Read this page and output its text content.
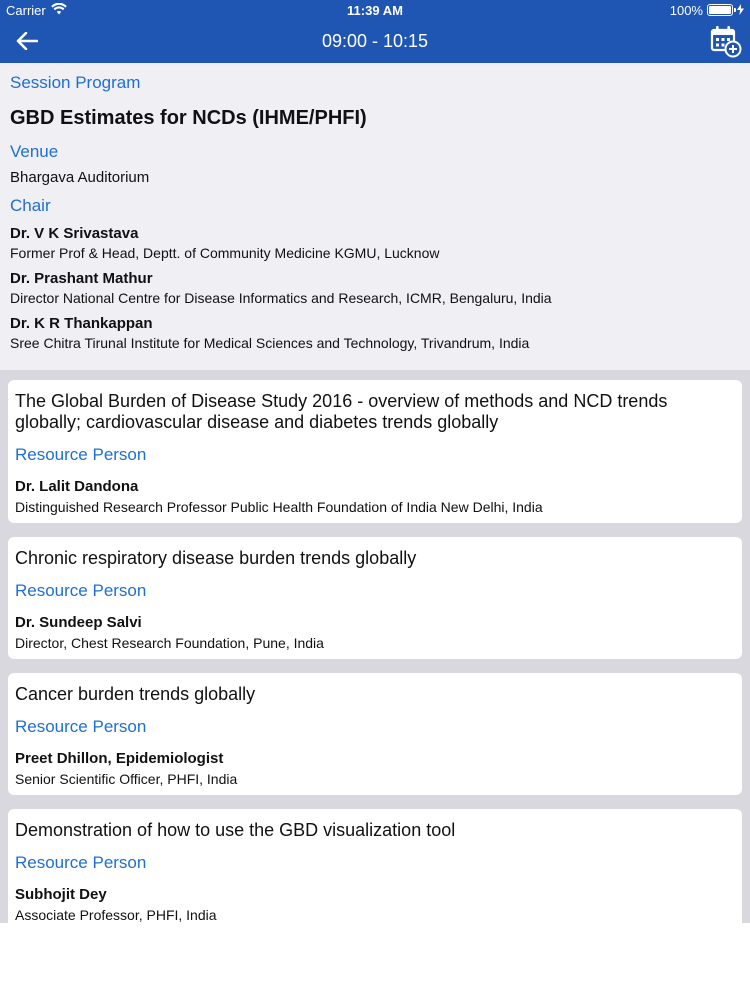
Carrier	11:39 AM	100%
09:00 - 10:15
Session Program
GBD Estimates for NCDs (IHME/PHFI)
Venue
Bhargava Auditorium
Chair
Dr. V K Srivastava
Former Prof & Head, Deptt. of Community Medicine KGMU, Lucknow
Dr. Prashant Mathur
Director National Centre for Disease Informatics and Research, ICMR, Bengaluru, India
Dr. K R Thankappan
Sree Chitra Tirunal Institute for Medical Sciences and Technology, Trivandrum, India
The Global Burden of Disease Study 2016 - overview of methods and NCD trends globally; cardiovascular disease and diabetes trends globally
Resource Person
Dr. Lalit Dandona
Distinguished Research Professor Public Health Foundation of India New Delhi, India
Chronic respiratory disease burden trends globally
Resource Person
Dr. Sundeep Salvi
Director, Chest Research Foundation, Pune, India
Cancer burden trends globally
Resource Person
Preet Dhillon, Epidemiologist
Senior Scientific Officer, PHFI, India
Demonstration of how to use the GBD visualization tool
Resource Person
Subhojit Dey
Associate Professor, PHFI, India
